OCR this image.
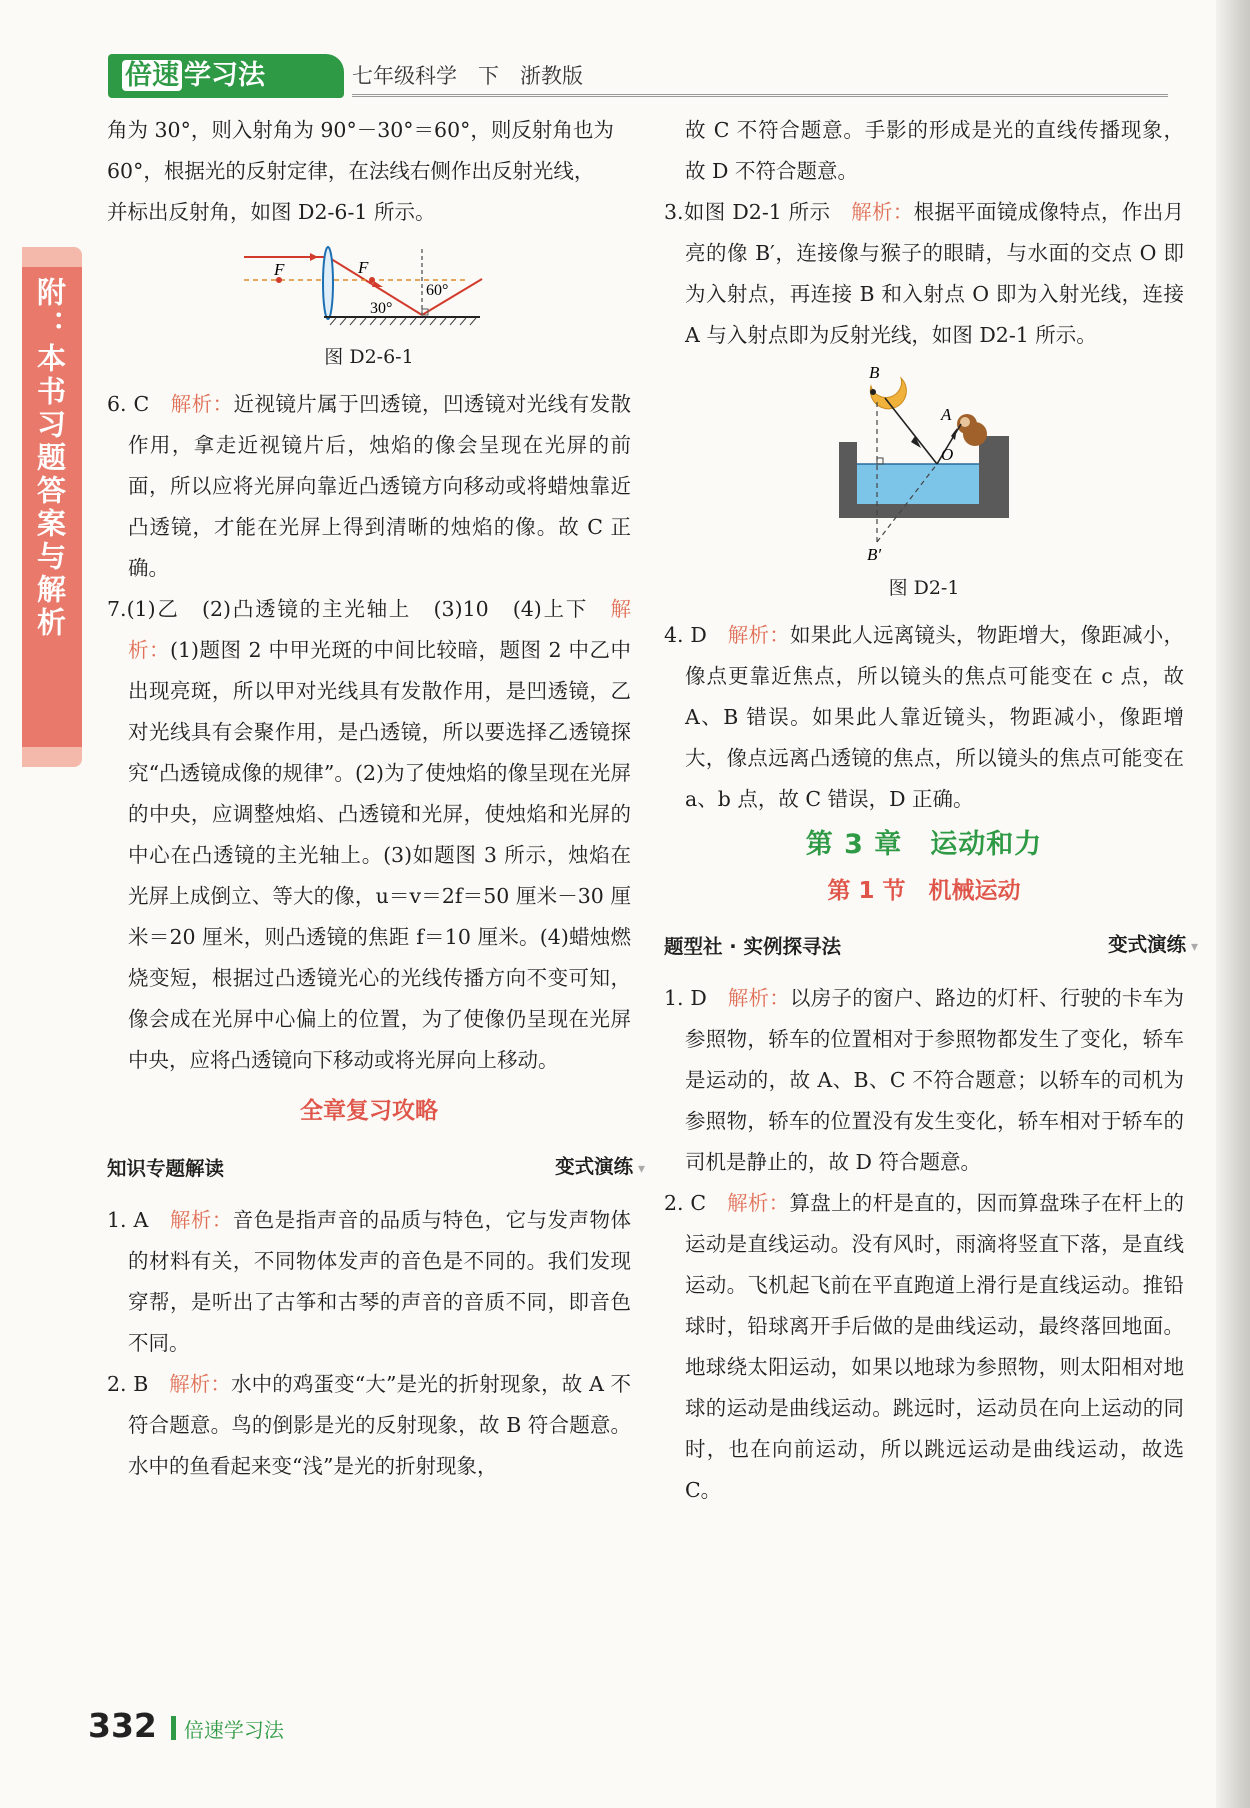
倍速 学习法	七年级科学　下　浙教版
附：本书习题答案与解析

角为 30°，则入射角为 90°－30°＝60°，则反射角也为

60°，根据光的反射定律，在法线右侧作出反射光线，

并标出反射角，如图 D2-6-1 所示。

F	F
30°
60°
图 D2-6-1

6. C　 解析：近视镜片属于凹透镜，凹透镜对光线有发散作用，拿走近视镜片后，烛焰的像会呈现在光屏的前面，所以应将光屏向靠近凸透镜方向移动或将蜡烛靠近凸透镜，才能在光屏上得到清晰的烛焰的像。故 C 正确。

7.(1)乙　(2)凸透镜的主光轴上　(3)10　(4)上下　 解析：(1)题图 2 中甲光斑的中间比较暗，题图 2 中乙中出现亮斑，所以甲对光线具有发散作用，是凹透镜，乙对光线具有会聚作用，是凸透镜，所以要选择乙透镜探究“凸透镜成像的规律”。(2)为了使烛焰的像呈现在光屏的中央，应调整烛焰、凸透镜和光屏，使烛焰和光屏的中心在凸透镜的主光轴上。(3)如题图 3 所示，烛焰在光屏上成倒立、等大的像，u＝v＝2f＝50 厘米－30 厘米＝20 厘米，则凸透镜的焦距 f＝10 厘米。(4)蜡烛燃烧变短，根据过凸透镜光心的光线传播方向不变可知，像会成在光屏中心偏上的位置，为了使像仍呈现在光屏中央，应将凸透镜向下移动或将光屏向上移动。

全章复习攻略
知识专题解读	变式演练 ▾

1. A　 解析：音色是指声音的品质与特色，它与发声物体的材料有关，不同物体发声的音色是不同的。我们发现穿帮，是听出了古筝和古琴的声音的音质不同，即音色不同。

2. B　 解析：水中的鸡蛋变“大”是光的折射现象，故 A 不符合题意。鸟的倒影是光的反射现象，故 B 符合题意。水中的鱼看起来变“浅”是光的折射现象，

故 C 不符合题意。手影的形成是光的直线传播现象，故 D 不符合题意。

3.如图 D2-1 所示　 解析：根据平面镜成像特点，作出月亮的像 B′，连接像与猴子的眼睛，与水面的交点 O 即为入射点，再连接 B 和入射点 O 即为入射光线，连接 A 与入射点即为反射光线，如图 D2-1 所示。

B
A
O
B′
图 D2-1

4. D　 解析：如果此人远离镜头，物距增大，像距减小，像点更靠近焦点，所以镜头的焦点可能变在 c 点，故 A、B 错误。如果此人靠近镜头，物距减小，像距增大，像点远离凸透镜的焦点，所以镜头的焦点可能变在 a、b 点，故 C 错误，D 正确。

第 3 章　运动和力
第 1 节　机械运动
题型社 · 实例探寻法	变式演练 ▾

1. D　 解析：以房子的窗户、路边的灯杆、行驶的卡车为参照物，轿车的位置相对于参照物都发生了变化，轿车是运动的，故 A、B、C 不符合题意；以轿车的司机为参照物，轿车的位置没有发生变化，轿车相对于轿车的司机是静止的，故 D 符合题意。

2. C　 解析：算盘上的杆是直的，因而算盘珠子在杆上的运动是直线运动。没有风时，雨滴将竖直下落，是直线运动。飞机起飞前在平直跑道上滑行是直线运动。推铅球时，铅球离开手后做的是曲线运动，最终落回地面。地球绕太阳运动，如果以地球为参照物，则太阳相对地球的运动是曲线运动。跳远时，运动员在向上运动的同时，也在向前运动，所以跳远运动是曲线运动，故选 C。

332 倍速学习法
